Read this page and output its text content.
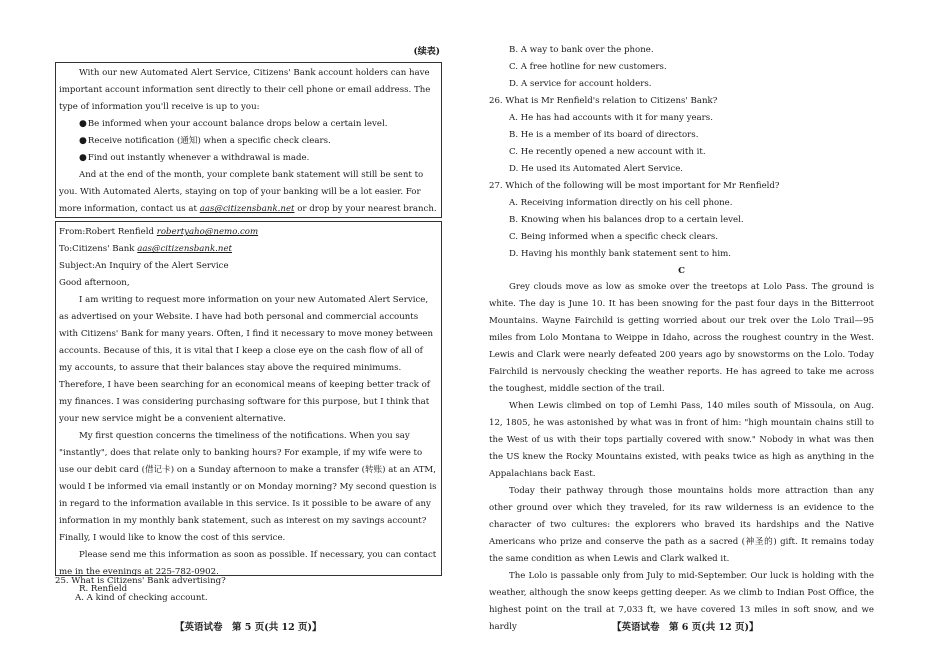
(续表)

With our new Automated Alert Service, Citizens' Bank account holders can have important account information sent directly to their cell phone or email address. The type of information you'll receive is up to you:

● Be informed when your account balance drops below a certain level.

● Receive notification (通知) when a specific check clears.

● Find out instantly whenever a withdrawal is made.

And at the end of the month, your complete bank statement will still be sent to you. With Automated Alerts, staying on top of your banking will be a lot easier. For more information, contact us at aas@citizensbank.net or drop by your nearest branch.

From:Robert Renfield robertyaho@nemo.com

To:Citizens' Bank aas@citizensbank.net

Subject:An Inquiry of the Alert Service

Good afternoon,

I am writing to request more information on your new Automated Alert Service, as advertised on your Website. I have had both personal and commercial accounts with Citizens' Bank for many years. Often, I find it necessary to move money between accounts. Because of this, it is vital that I keep a close eye on the cash flow of all of my accounts, to assure that their balances stay above the required minimums. Therefore, I have been searching for an economical means of keeping better track of my finances. I was considering purchasing software for this purpose, but I think that your new service might be a convenient alternative.

My first question concerns the timeliness of the notifications. When you say "instantly", does that relate only to banking hours? For example, if my wife were to use our debit card (借记卡) on a Sunday afternoon to make a transfer (转账) at an ATM, would I be informed via email instantly or on Monday morning? My second question is in regard to the information available in this service. Is it possible to be aware of any information in my monthly bank statement, such as interest on my savings account? Finally, I would like to know the cost of this service.

Please send me this information as soon as possible. If necessary, you can contact me in the evenings at 225-782-0902.

R. Renfield

25. What is Citizens' Bank advertising?

A. A kind of checking account.

B. A way to bank over the phone.

C. A free hotline for new customers.

D. A service for account holders.

26. What is Mr Renfield's relation to Citizens' Bank?

A. He has had accounts with it for many years.

B. He is a member of its board of directors.

C. He recently opened a new account with it.

D. He used its Automated Alert Service.

27. Which of the following will be most important for Mr Renfield?

A. Receiving information directly on his cell phone.

B. Knowing when his balances drop to a certain level.

C. Being informed when a specific check clears.

D. Having his monthly bank statement sent to him.

C

Grey clouds move as low as smoke over the treetops at Lolo Pass. The ground is white. The day is June 10. It has been snowing for the past four days in the Bitterroot Mountains. Wayne Fairchild is getting worried about our trek over the Lolo Trail—95 miles from Lolo Montana to Weippe in Idaho, across the roughest country in the West. Lewis and Clark were nearly defeated 200 years ago by snowstorms on the Lolo. Today Fairchild is nervously checking the weather reports. He has agreed to take me across the toughest, middle section of the trail.

When Lewis climbed on top of Lemhi Pass, 140 miles south of Missoula, on Aug. 12, 1805, he was astonished by what was in front of him: "high mountain chains still to the West of us with their tops partially covered with snow." Nobody in what was then the US knew the Rocky Mountains existed, with peaks twice as high as anything in the Appalachians back East.

Today their pathway through those mountains holds more attraction than any other ground over which they traveled, for its raw wilderness is an evidence to the character of two cultures: the explorers who braved its hardships and the Native Americans who prize and conserve the path as a sacred (神圣的) gift. It remains today the same condition as when Lewis and Clark walked it.

The Lolo is passable only from July to mid-September. Our luck is holding with the weather, although the snow keeps getting deeper. As we climb to Indian Post Office, the highest point on the trail at 7,033 ft, we have covered 13 miles in soft snow, and we hardly

【英语试卷　第 5 页(共 12 页)】	【英语试卷　第 6 页(共 12 页)】
